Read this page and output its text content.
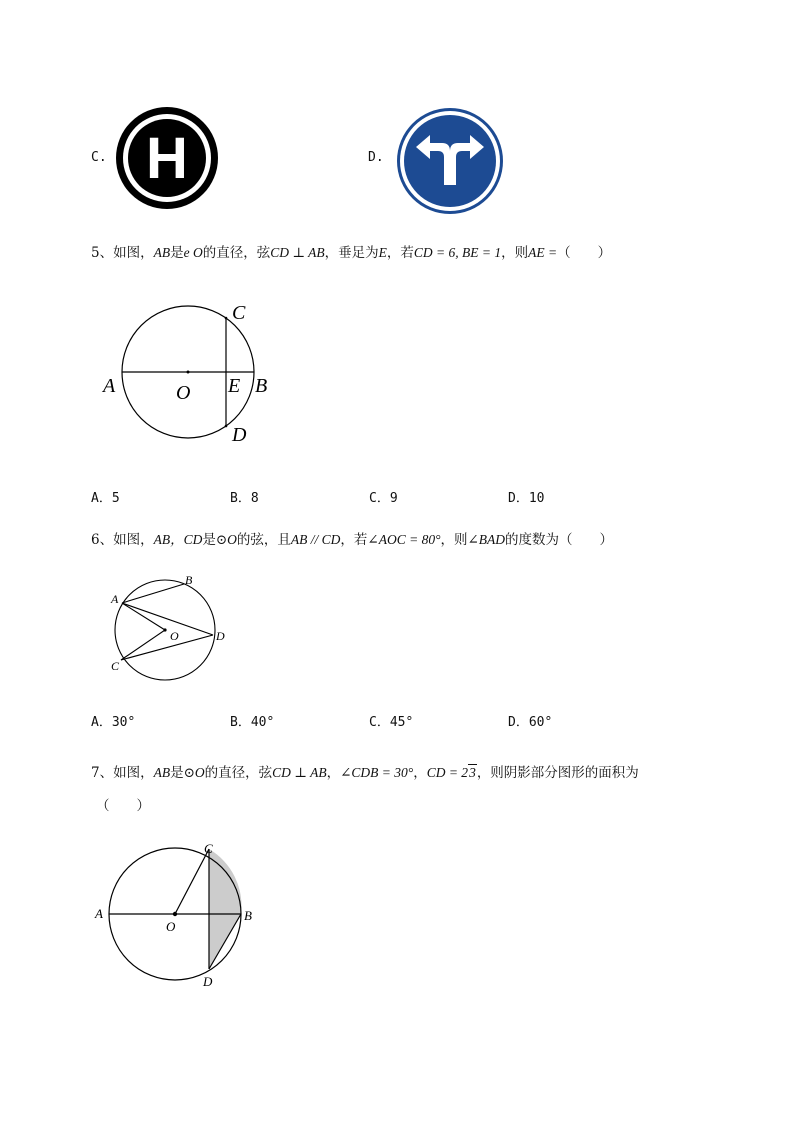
C. H	D.
5、如图，AB是e O的直径，弦CD ⊥ AB，垂足为E，若CD = 6, BE = 1，则AE =（　　）
A	O E B
C
D
A．5	B．8	C．9	D．10
6、如图，AB，CD是⊙O的弦，且AB // CD，若∠AOC = 80°，则∠BAD的度数为（　　）
A
B
C
D
O
A．30°	B．40°	C．45°	D．60°
7、如图，AB是⊙O的直径，弦CD ⊥ AB，∠CDB = 30°，CD = 23，则阴影部分图形的面积为
（　　）
A
O
C
B
D
